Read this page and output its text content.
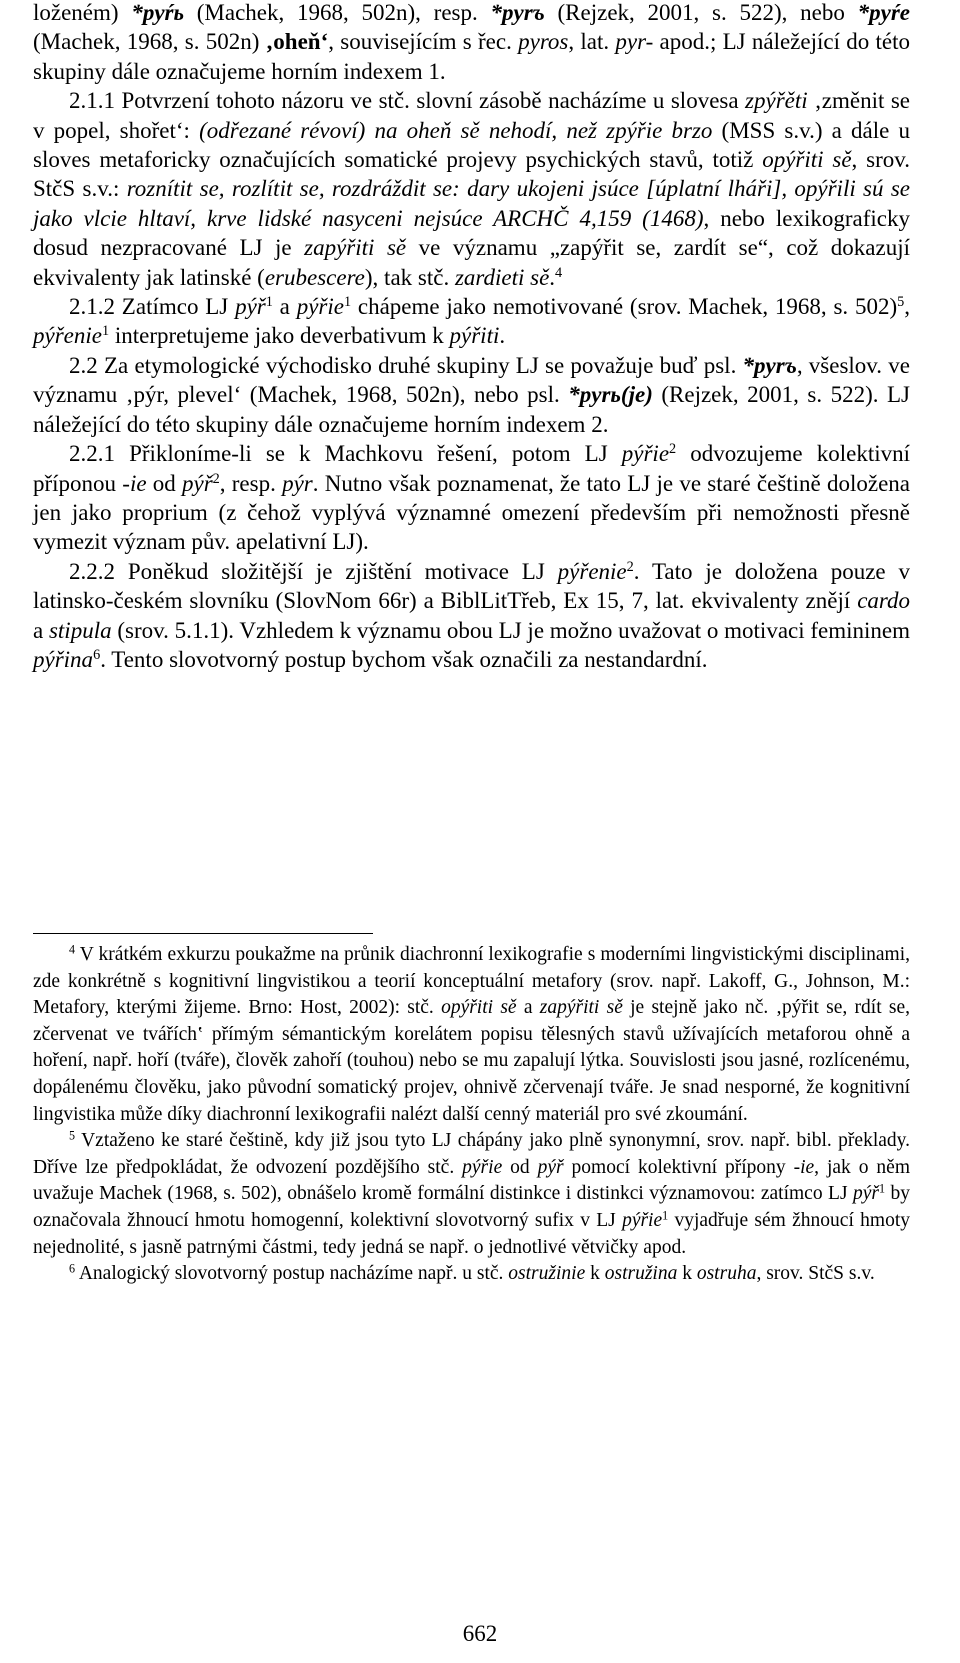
loženém) *pyŕь (Machek, 1968, 502n), resp. *pyrъ (Rejzek, 2001, s. 522), nebo *pyŕe (Machek, 1968, s. 502n) ‚oheň‘, souvisejícím s řec. pyros, lat. pyr- apod.; LJ náležející do této skupiny dále označujeme horním indexem 1.

2.1.1 Potvrzení tohoto názoru ve stč. slovní zásobě nacházíme u slovesa zpýřěti ‚změnit se v popel, shořet‘: (odřezané révoví) na oheň sě nehodí, než zpýřie brzo (MSS s.v.) a dále u sloves metaforicky označujících somatické projevy psychických stavů, totiž opýřiti sě, srov. StčS s.v.: roznítit se, rozlítit se, rozdráždit se: dary ukojeni jsúce [úplatní lháři], opýřili sú se jako vlcie hltaví, krve lidské nasyceni nejsúce ARCHČ 4,159 (1468), nebo lexikograficky dosud nezpracované LJ je zapýřiti sě ve významu „zapýřit se, zardít se“, což dokazují ekvivalenty jak latinské (erubescere), tak stč. zardieti sě.$^4$

2.1.2 Zatímco LJ pýř$^1$ a pýřie$^1$ chápeme jako nemotivované (srov. Machek, 1968, s. 502)$^5$, pýřenie$^1$ interpretujeme jako deverbativum k pýřiti.

2.2 Za etymologické východisko druhé skupiny LJ se považuje buď psl. *pyrъ, všeslov. ve významu ‚pýr, plevel‘ (Machek, 1968, 502n), nebo psl. *pyrь(je) (Rejzek, 2001, s. 522). LJ náležející do této skupiny dále označujeme horním indexem 2.

2.2.1 Přikloníme-li se k Machkovu řešení, potom LJ pýřie$^2$ odvozujeme kolektivní příponou -ie od pýř$^2$, resp. pýr. Nutno však poznamenat, že tato LJ je ve staré češtině doložena jen jako proprium (z čehož vyplývá významné omezení především při nemožnosti přesně vymezit význam pův. apelativní LJ).

2.2.2 Poněkud složitější je zjištění motivace LJ pýřenie$^2$. Tato je doložena pouze v latinsko-českém slovníku (SlovNom 66r) a BiblLitTřeb, Ex 15, 7, lat. ekvivalenty znějí cardo a stipula (srov. 5.1.1). Vzhledem k významu obou LJ je možno uvažovat o motivaci femininem pýřina$^6$. Tento slovotvorný postup bychom však označili za nestandardní.

$^4$ V krátkém exkurzu poukažme na průnik diachronní lexikografie s moderními lingvistickými disciplinami, zde konkrétně s kognitivní lingvistikou a teorií konceptuální metafory (srov. např. Lakoff, G., Johnson, M.: Metafory, kterými žijeme. Brno: Host, 2002): stč. opýřiti sě a zapýřiti sě je stejně jako nč. ‚pýřit se, rdít se, zčervenat ve tvářích‛ přímým sémantickým korelátem popisu tělesných stavů užívajících metaforou ohně a hoření, např. hoří (tváře), člověk zahoří (touhou) nebo se mu zapalují lýtka. Souvislosti jsou jasné, rozlícenému, dopálenému člověku, jako původní somatický projev, ohnivě zčervenají tváře. Je snad nesporné, že kognitivní lingvistika může díky diachronní lexikografii nalézt další cenný materiál pro své zkoumání.

$^5$ Vztaženo ke staré češtině, kdy již jsou tyto LJ chápány jako plně synonymní, srov. např. bibl. překlady. Dříve lze předpokládat, že odvození pozdějšího stč. pýřie od pýř pomocí kolektivní přípony -ie, jak o něm uvažuje Machek (1968, s. 502), obnášelo kromě formální distinkce i distinkci významovou: zatímco LJ pýř$^1$ by označovala žhnoucí hmotu homogenní, kolektivní slovotvorný sufix v LJ pýřie$^1$ vyjadřuje sém žhnoucí hmoty nejednolité, s jasně patrnými částmi, tedy jedná se např. o jednotlivé větvičky apod.

$^6$ Analogický slovotvorný postup nacházíme např. u stč. ostružinie k ostružina k ostruha, srov. StčS s.v.

662
